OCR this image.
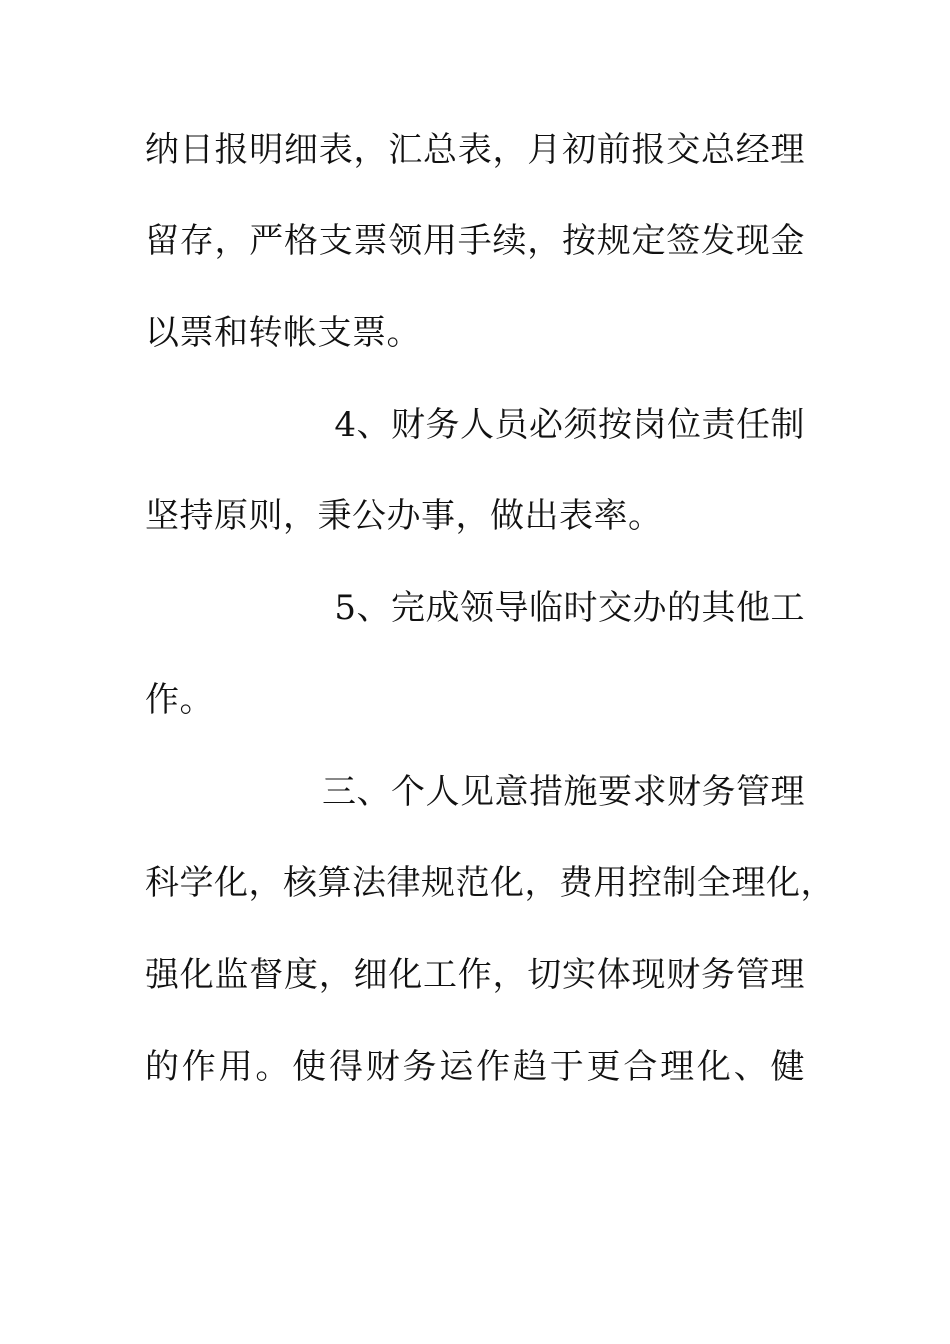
纳日报明细表，汇总表，月初前报交总经理
留存，严格支票领用手续，按规定签发现金
以票和转帐支票。
4、财务人员必须按岗位责任制
坚持原则，秉公办事，做出表率。
5、完成领导临时交办的其他工
作。
三、个人见意措施要求财务管理
科学化，核算法律规范化，费用控制全理化，
强化监督度，细化工作，切实体现财务管理
的作用。使得财务运作趋于更合理化、健
